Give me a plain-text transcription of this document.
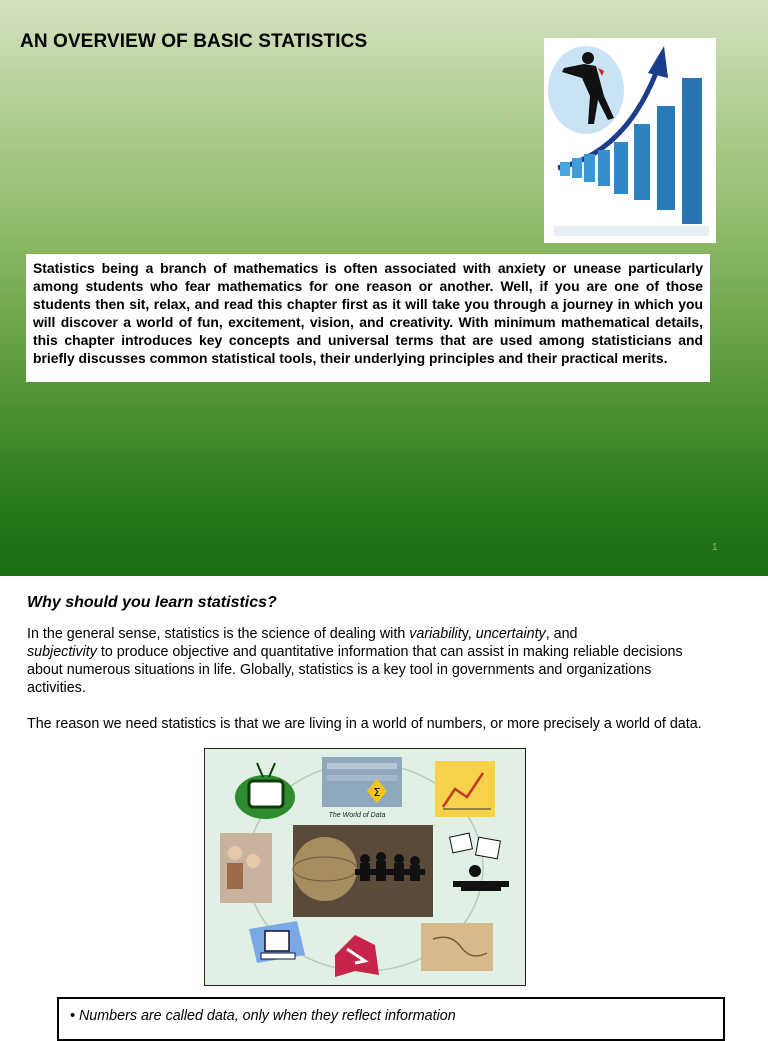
AN OVERVIEW OF BASIC STATISTICS
Statistics being a branch of mathematics is often associated with anxiety or unease particularly among students who fear mathematics for one reason or another. Well, if you are one of those students then sit, relax, and read this chapter first as it will take you through a journey in which you will discover a world of fun, excitement, vision, and creativity. With minimum mathematical details, this chapter introduces key concepts and universal terms that are used among statisticians and briefly discusses common statistical tools, their underlying principles and their practical merits.
1
Why should you learn statistics?
In the general sense, statistics is the science of dealing with variability, uncertainty, and
subjectivity to produce objective and quantitative information that can assist in making reliable decisions about numerous situations in life. Globally, statistics is a key tool in governments and organizations activities.
The reason we need statistics is that we are living in a world of numbers, or more precisely a world of data.
Σ
The World of Data
• Numbers are called data, only when they reflect information
